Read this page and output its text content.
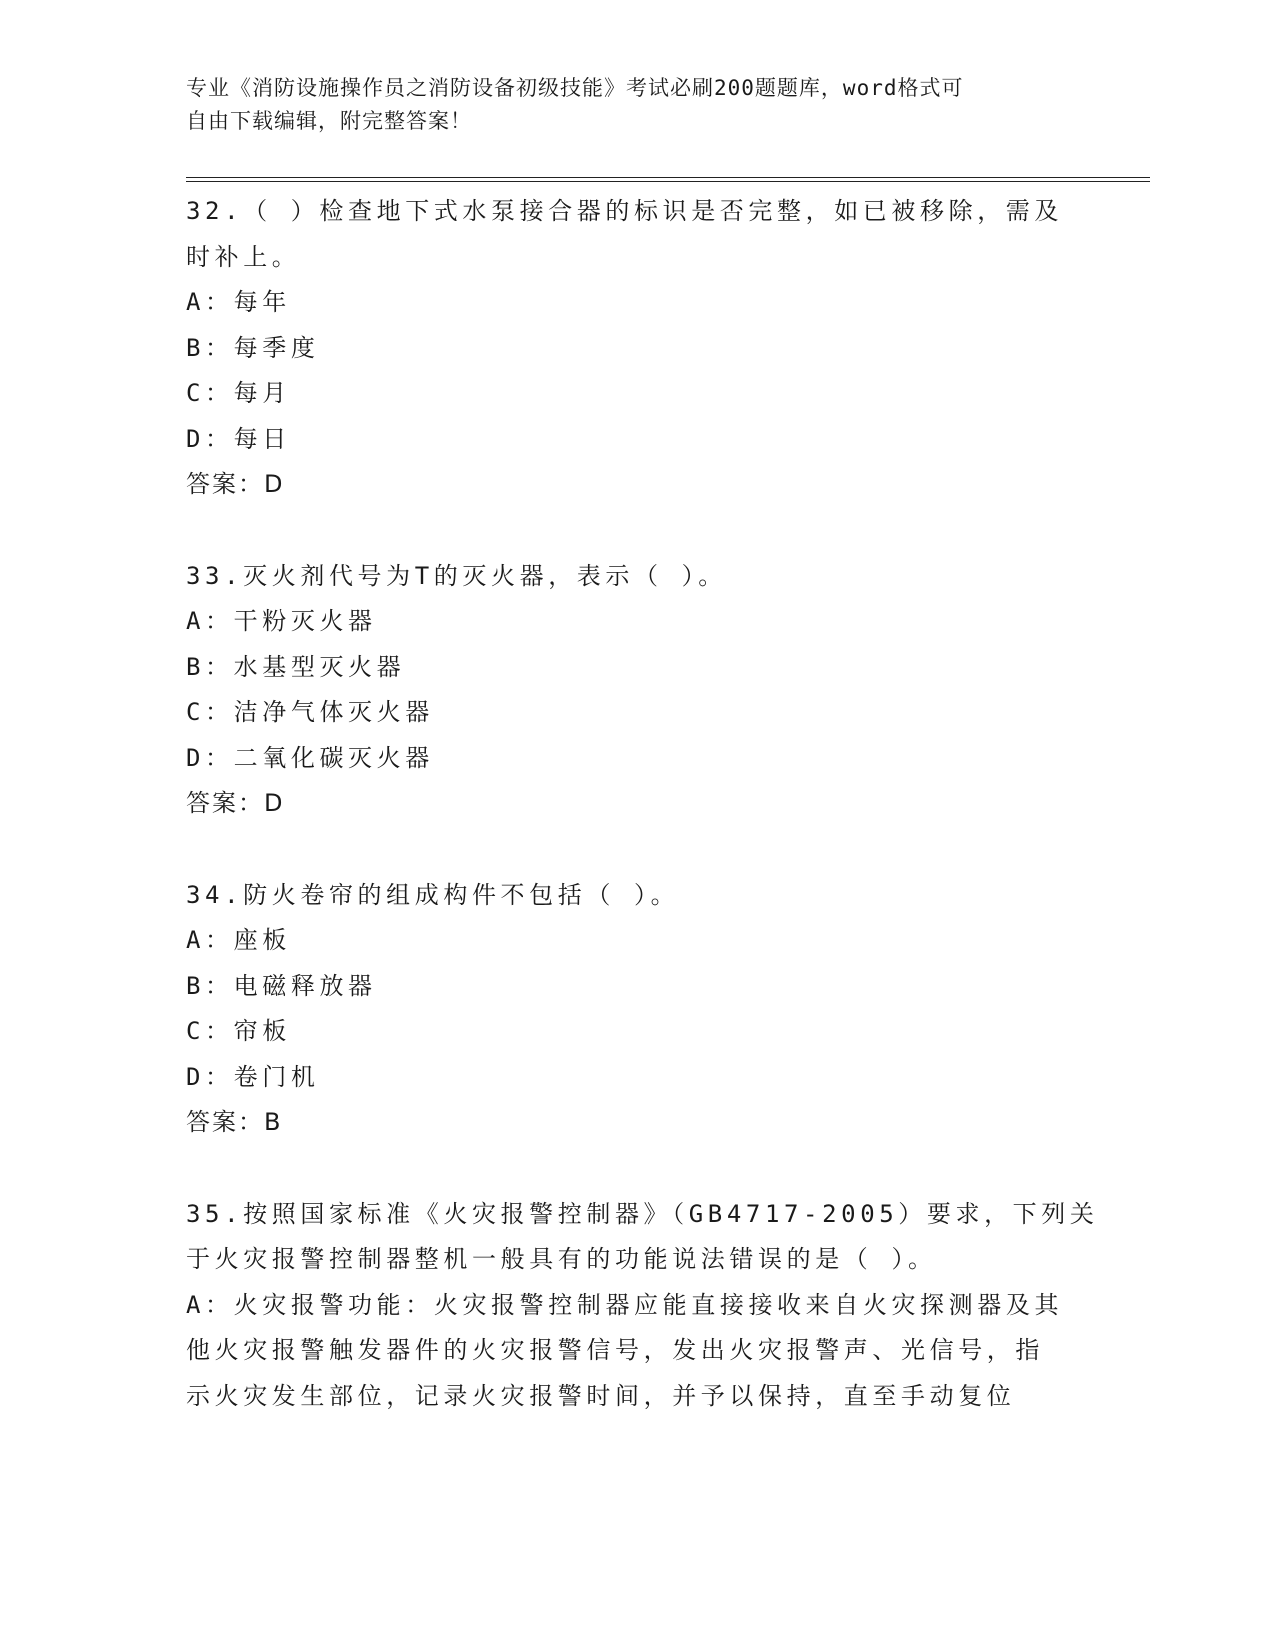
专业《消防设施操作员之消防设备初级技能》考试必刷200题题库，word格式可
自由下载编辑，附完整答案！

32.（ ）检查地下式水泵接合器的标识是否完整，如已被移除，需及

时补上。

A：每年

B：每季度

C：每月

D：每日

答案：D

33.灭火剂代号为T的灭火器，表示（ ）。

A：干粉灭火器

B：水基型灭火器

C：洁净气体灭火器

D：二氧化碳灭火器

答案：D

34.防火卷帘的组成构件不包括（ ）。

A：座板

B：电磁释放器

C：帘板

D：卷门机

答案：B

35.按照国家标准《火灾报警控制器》（GB4717-2005）要求，下列关

于火灾报警控制器整机一般具有的功能说法错误的是（ ）。

A：火灾报警功能：火灾报警控制器应能直接接收来自火灾探测器及其

他火灾报警触发器件的火灾报警信号，发出火灾报警声、光信号，指

示火灾发生部位，记录火灾报警时间，并予以保持，直至手动复位
